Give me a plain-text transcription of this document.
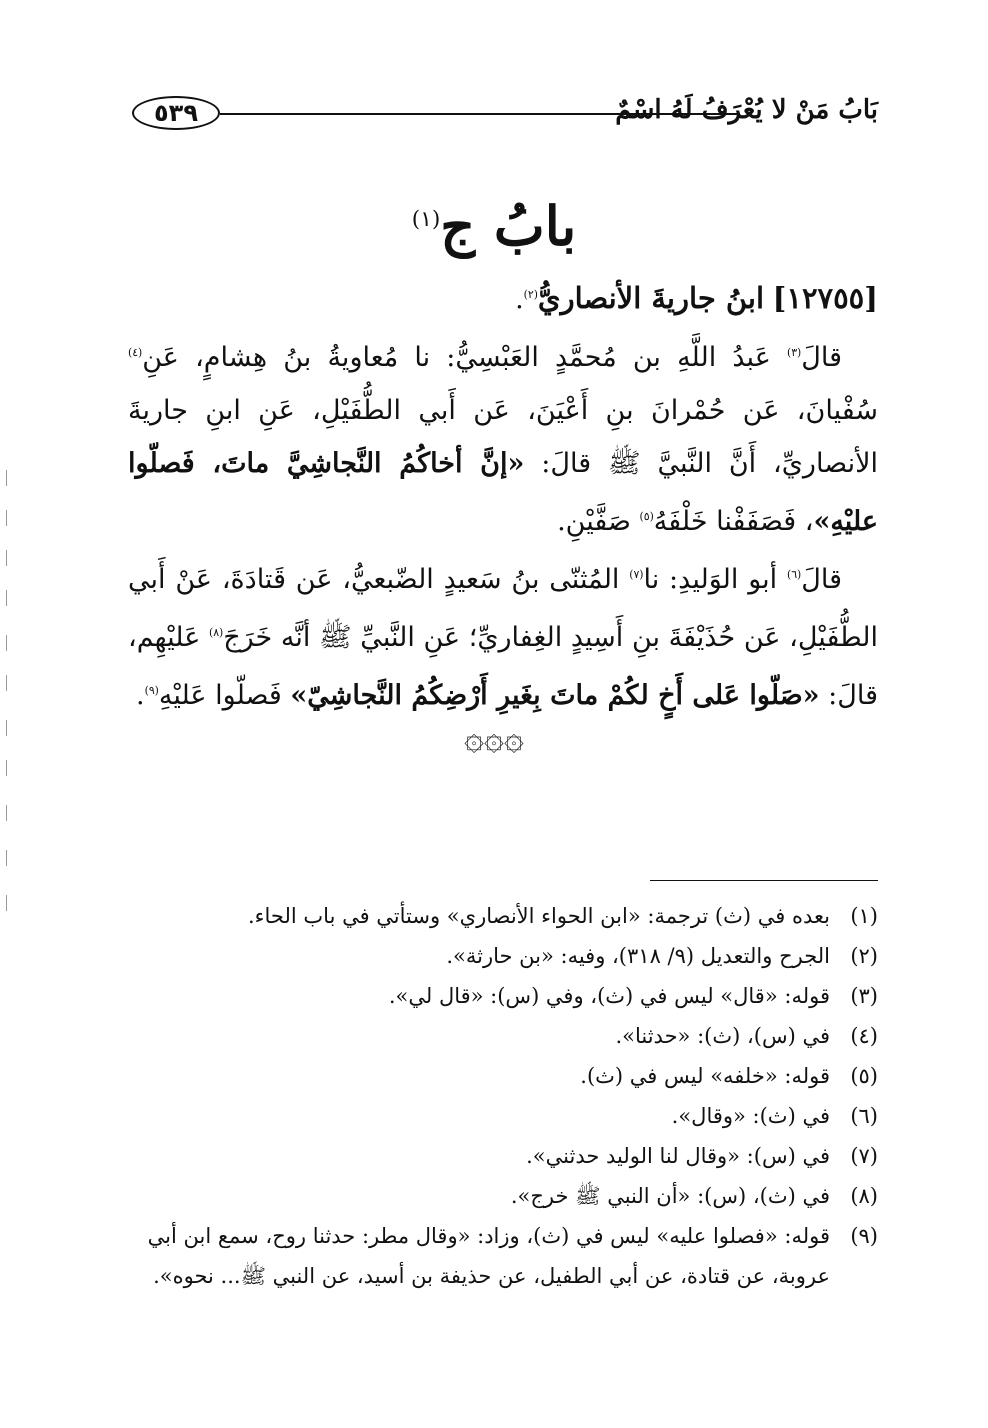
٥٣٩	بَابُ مَنْ لا يُعْرَفُ لَهُ اسْمٌ
بابُ ج$^{(١)}$

[١٢٧٥٥] ابنُ جاريةَ الأنصاريُّ$^{(٢)}$.

قالَ$^{(٣)}$ عَبدُ اللَّهِ بن مُحمَّدٍ العَبْسِيُّ: نا مُعاويةُ بنُ هِشامٍ، عَنِ$^{(٤)}$ سُفْيانَ، عَن حُمْرانَ بنِ أَعْيَنَ، عَن أَبي الطُّفَيْلِ، عَنِ ابنِ جاريةَ الأنصاريِّ، أَنَّ النَّبيَّ ﷺ قالَ: «إنَّ أخاكُمُ النَّجاشِيَّ ماتَ، فَصلّوا عليْهِ»، فَصَفَفْنا خَلْفَهُ$^{(٥)}$ صَفَّيْنِ.

قالَ$^{(٦)}$ أبو الوَليدِ: نا$^{(٧)}$ المُثنّى بنُ سَعيدٍ الضّبعيُّ، عَن قَتادَةَ، عَنْ أَبي الطُّفَيْلِ، عَن حُذَيْفَةَ بنِ أَسِيدٍ الغِفاريِّ؛ عَنِ النَّبيِّ ﷺ أنَّه خَرَجَ$^{(٨)}$ عَليْهِم، قالَ: «صَلّوا عَلى أَخٍ لكُمْ ماتَ بِغَيرِ أَرْضِكُمُ النَّجاشِيّ» فَصلّوا عَليْهِ$^{(٩)}$.

۞۞۞
(١)
بعده في (ث) ترجمة: «ابن الحواء الأنصاري» وستأتي في باب الحاء.
(٢)
الجرح والتعديل (٩/ ٣١٨)، وفيه: «بن حارثة».
(٣)
قوله: «قال» ليس في (ث)، وفي (س): «قال لي».
(٤)
في (س)، (ث): «حدثنا».
(٥)
قوله: «خلفه» ليس في (ث).
(٦)
في (ث): «وقال».
(٧)
في (س): «وقال لنا الوليد حدثني».
(٨)
في (ث)، (س): «أن النبي ﷺ خرج».
(٩)
قوله: «فصلوا عليه» ليس في (ث)، وزاد: «وقال مطر: حدثنا روح، سمع ابن أبي عروبة، عن قتادة، عن أبي الطفيل، عن حذيفة بن أسيد، عن النبي ﷺ... نحوه».
